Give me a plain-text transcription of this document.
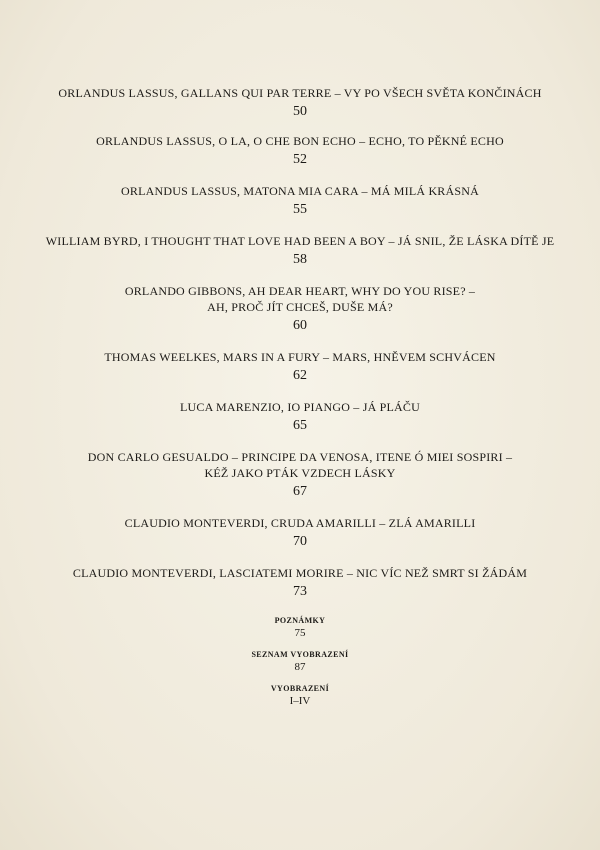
ORLANDUS LASSUS, GALLANS QUI PAR TERRE – VY PO VŠECH SVĚTA KONČINÁCH
50
ORLANDUS LASSUS, O LA, O CHE BON ECHO – ECHO, TO PĚKNÉ ECHO
52
ORLANDUS LASSUS, MATONA MIA CARA – MÁ MILÁ KRÁSNÁ
55
WILLIAM BYRD, I THOUGHT THAT LOVE HAD BEEN A BOY – JÁ SNIL, ŽE LÁSKA DÍTĚ JE
58
ORLANDO GIBBONS, AH DEAR HEART, WHY DO YOU RISE? –
AH, PROČ JÍT CHCEŠ, DUŠE MÁ?
60
THOMAS WEELKES, MARS IN A FURY – MARS, HNĚVEM SCHVÁCEN
62
LUCA MARENZIO, IO PIANGO – JÁ PLÁČU
65
DON CARLO GESUALDO – PRINCIPE DA VENOSA, ITENE Ó MIEI SOSPIRI –
KÉŽ JAKO PTÁK VZDECH LÁSKY
67
CLAUDIO MONTEVERDI, CRUDA AMARILLI – ZLÁ AMARILLI
70
CLAUDIO MONTEVERDI, LASCIATEMI MORIRE – NIC VÍC NEŽ SMRT SI ŽÁDÁM
73
POZNÁMKY
75
SEZNAM VYOBRAZENÍ
87
VYOBRAZENÍ
I–IV
